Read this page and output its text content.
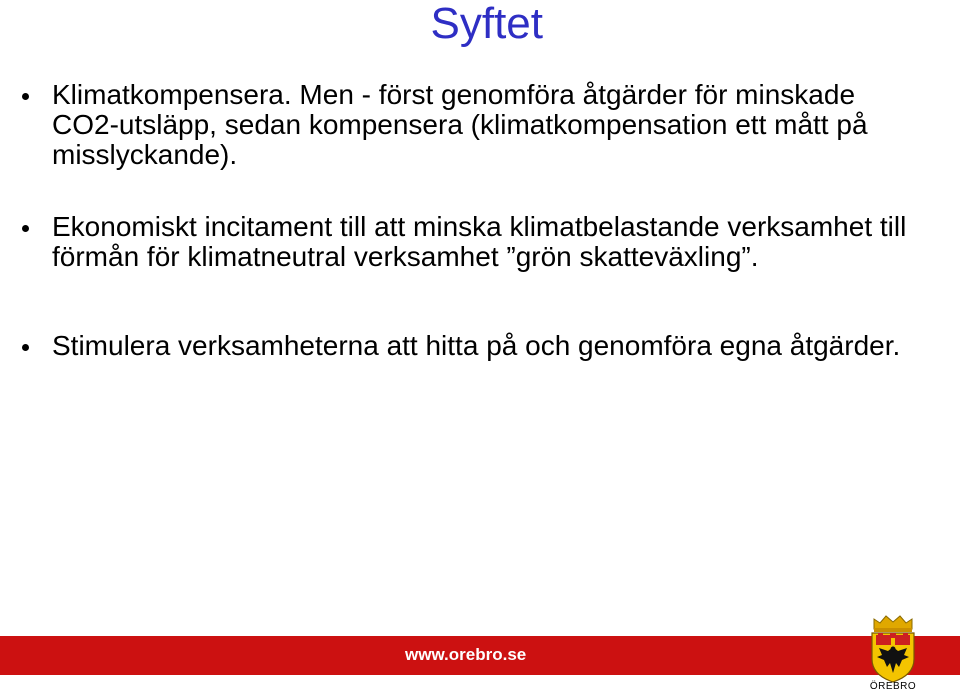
Syftet
Klimatkompensera. Men - först genomföra åtgärder för minskade CO2-utsläpp, sedan kompensera (klimatkompensation ett mått på misslyckande).
Ekonomiskt incitament till att minska klimatbelastande verksamhet till förmån för klimatneutral verksamhet ”grön skatteväxling”.
Stimulera verksamheterna att hitta på och genomföra egna åtgärder.
www.orebro.se
ÖREBRO
